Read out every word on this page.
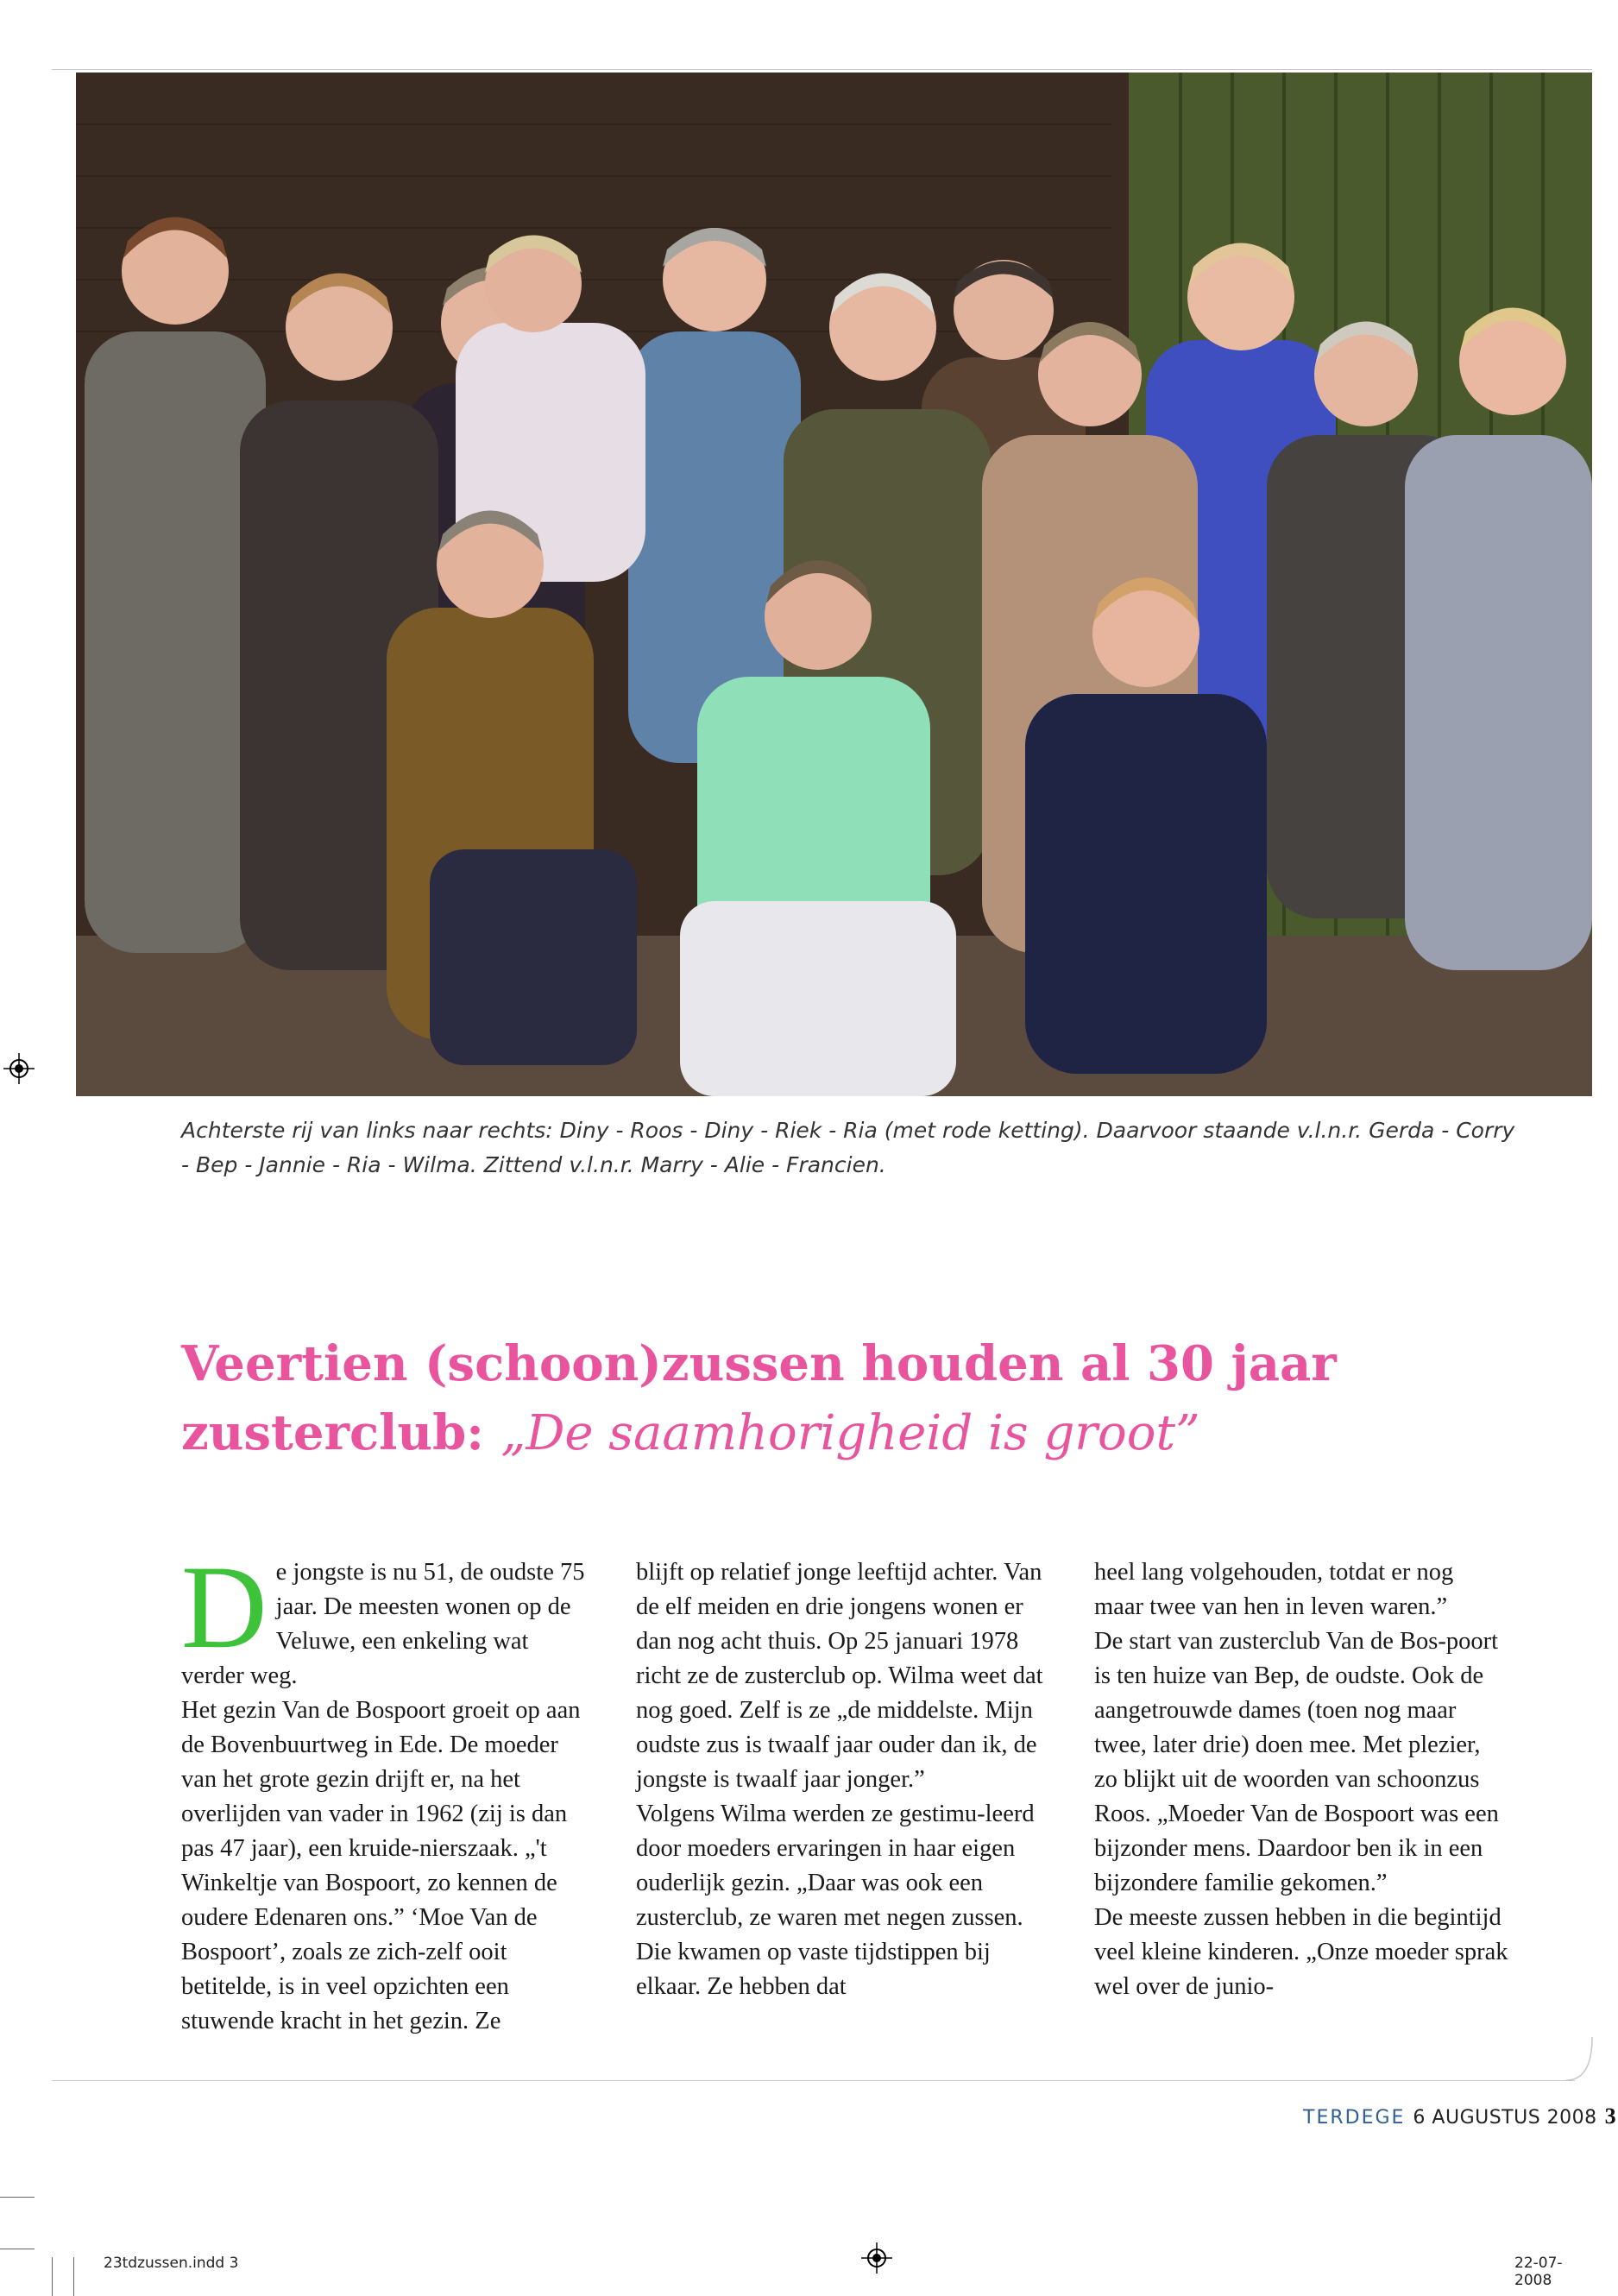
Achterste rij van links naar rechts: Diny - Roos - Diny - Riek - Ria (met rode ketting). Daarvoor staande v.l.n.r. Gerda - Corry - Bep - Jannie - Ria - Wilma. Zittend v.l.n.r. Marry - Alie - Francien.
Veertien (schoon)zussen houden al 30 jaar zusterclub: „De saamhorigheid is groot”
D e jongste is nu 51, de oudste 75 jaar. De meesten wonen op de Veluwe, een enkeling wat verder weg.

Het gezin Van de Bospoort groeit op aan de Bovenbuurtweg in Ede. De moeder van het grote gezin drijft er, na het overlijden van vader in 1962 (zij is dan pas 47 jaar), een kruide-nierszaak. „'t Winkeltje van Bospoort, zo kennen de oudere Edenaren ons.” ‘Moe Van de Bospoort’, zoals ze zich-zelf ooit betitelde, is in veel opzichten een stuwende kracht in het gezin. Ze

blijft op relatief jonge leeftijd achter. Van de elf meiden en drie jongens wonen er dan nog acht thuis. Op 25 januari 1978 richt ze de zusterclub op. Wilma weet dat nog goed. Zelf is ze „de middelste. Mijn oudste zus is twaalf jaar ouder dan ik, de jongste is twaalf jaar jonger.”

Volgens Wilma werden ze gestimu-leerd door moeders ervaringen in haar eigen ouderlijk gezin. „Daar was ook een zusterclub, ze waren met negen zussen. Die kwamen op vaste tijdstippen bij elkaar. Ze hebben dat

heel lang volgehouden, totdat er nog maar twee van hen in leven waren.”

De start van zusterclub Van de Bos-poort is ten huize van Bep, de oudste. Ook de aangetrouwde dames (toen nog maar twee, later drie) doen mee. Met plezier, zo blijkt uit de woorden van schoonzus Roos. „Moeder Van de Bospoort was een bijzonder mens. Daardoor ben ik in een bijzondere familie gekomen.”

De meeste zussen hebben in die begintijd veel kleine kinderen. „Onze moeder sprak wel over de junio-

TERDEGE 6 AUGUSTUS 2008 3
23tdzussen.indd 3	22-07-2008
